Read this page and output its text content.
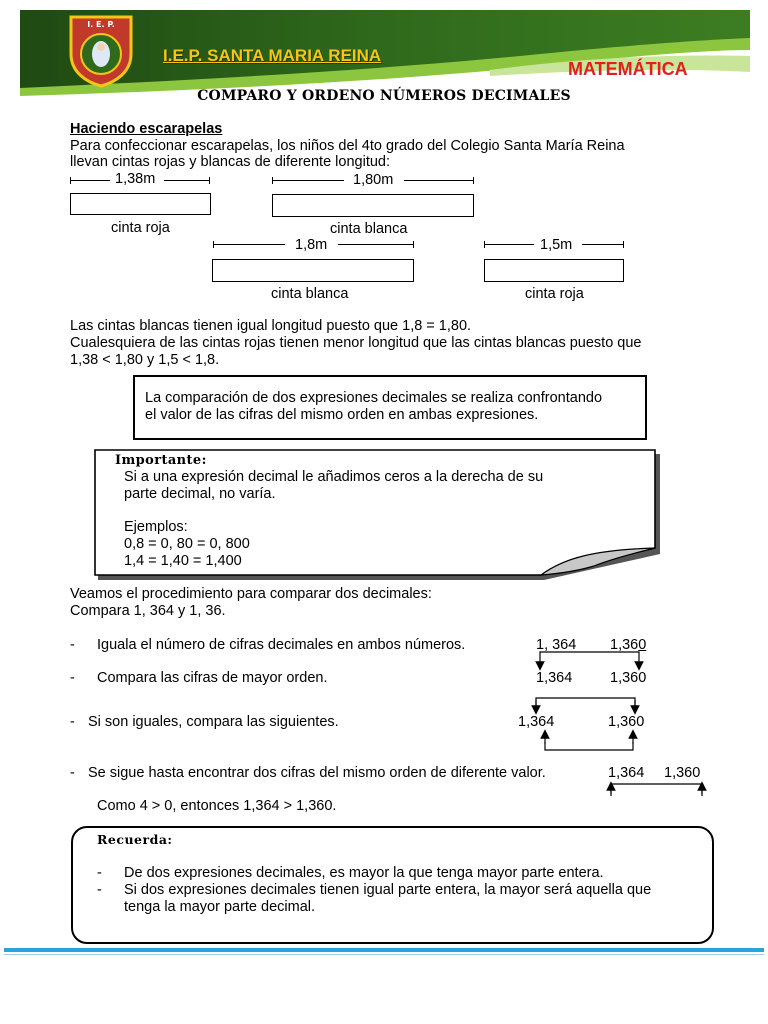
I. E. P.
I.E.P. SANTA MARIA REINA
MATEMÁTICA
COMPARO Y ORDENO NÚMEROS DECIMALES
Haciendo escarapelas
Para confeccionar escarapelas, los niños del 4to grado del Colegio Santa María Reina
llevan cintas rojas y blancas de diferente longitud:
1,38m
cinta roja
1,80m
cinta blanca
1,8m
cinta blanca
1,5m
cinta roja
Las cintas blancas tienen igual longitud puesto que 1,8 = 1,80.
Cualesquiera de las cintas rojas tienen menor longitud que las cintas blancas puesto que
1,38 < 1,80 y 1,5 < 1,8.
La comparación de dos expresiones decimales se realiza confrontando
el valor de las cifras del mismo orden en ambas expresiones.
Importante:
Si a una expresión decimal le añadimos ceros a la derecha de su
parte decimal, no varía.
Ejemplos:
0,8 = 0, 80 = 0, 800
1,4 = 1,40 = 1,400
Veamos el procedimiento para comparar dos decimales:
Compara 1, 364 y 1, 36.
- Iguala el número de cifras decimales en ambos números.	1, 364 1,360
- Compara las cifras de mayor orden.	1,364	1,360
- Si son iguales, compara las siguientes.	1,364	1,360
- Se sigue hasta encontrar dos cifras del mismo orden de diferente valor.	1,364 1,360
Como 4 > 0, entonces 1,364 > 1,360.
Recuerda:
- De dos expresiones decimales, es mayor la que tenga mayor parte entera.
- Si dos expresiones decimales tienen igual parte entera, la mayor será aquella que
tenga la mayor parte decimal.
